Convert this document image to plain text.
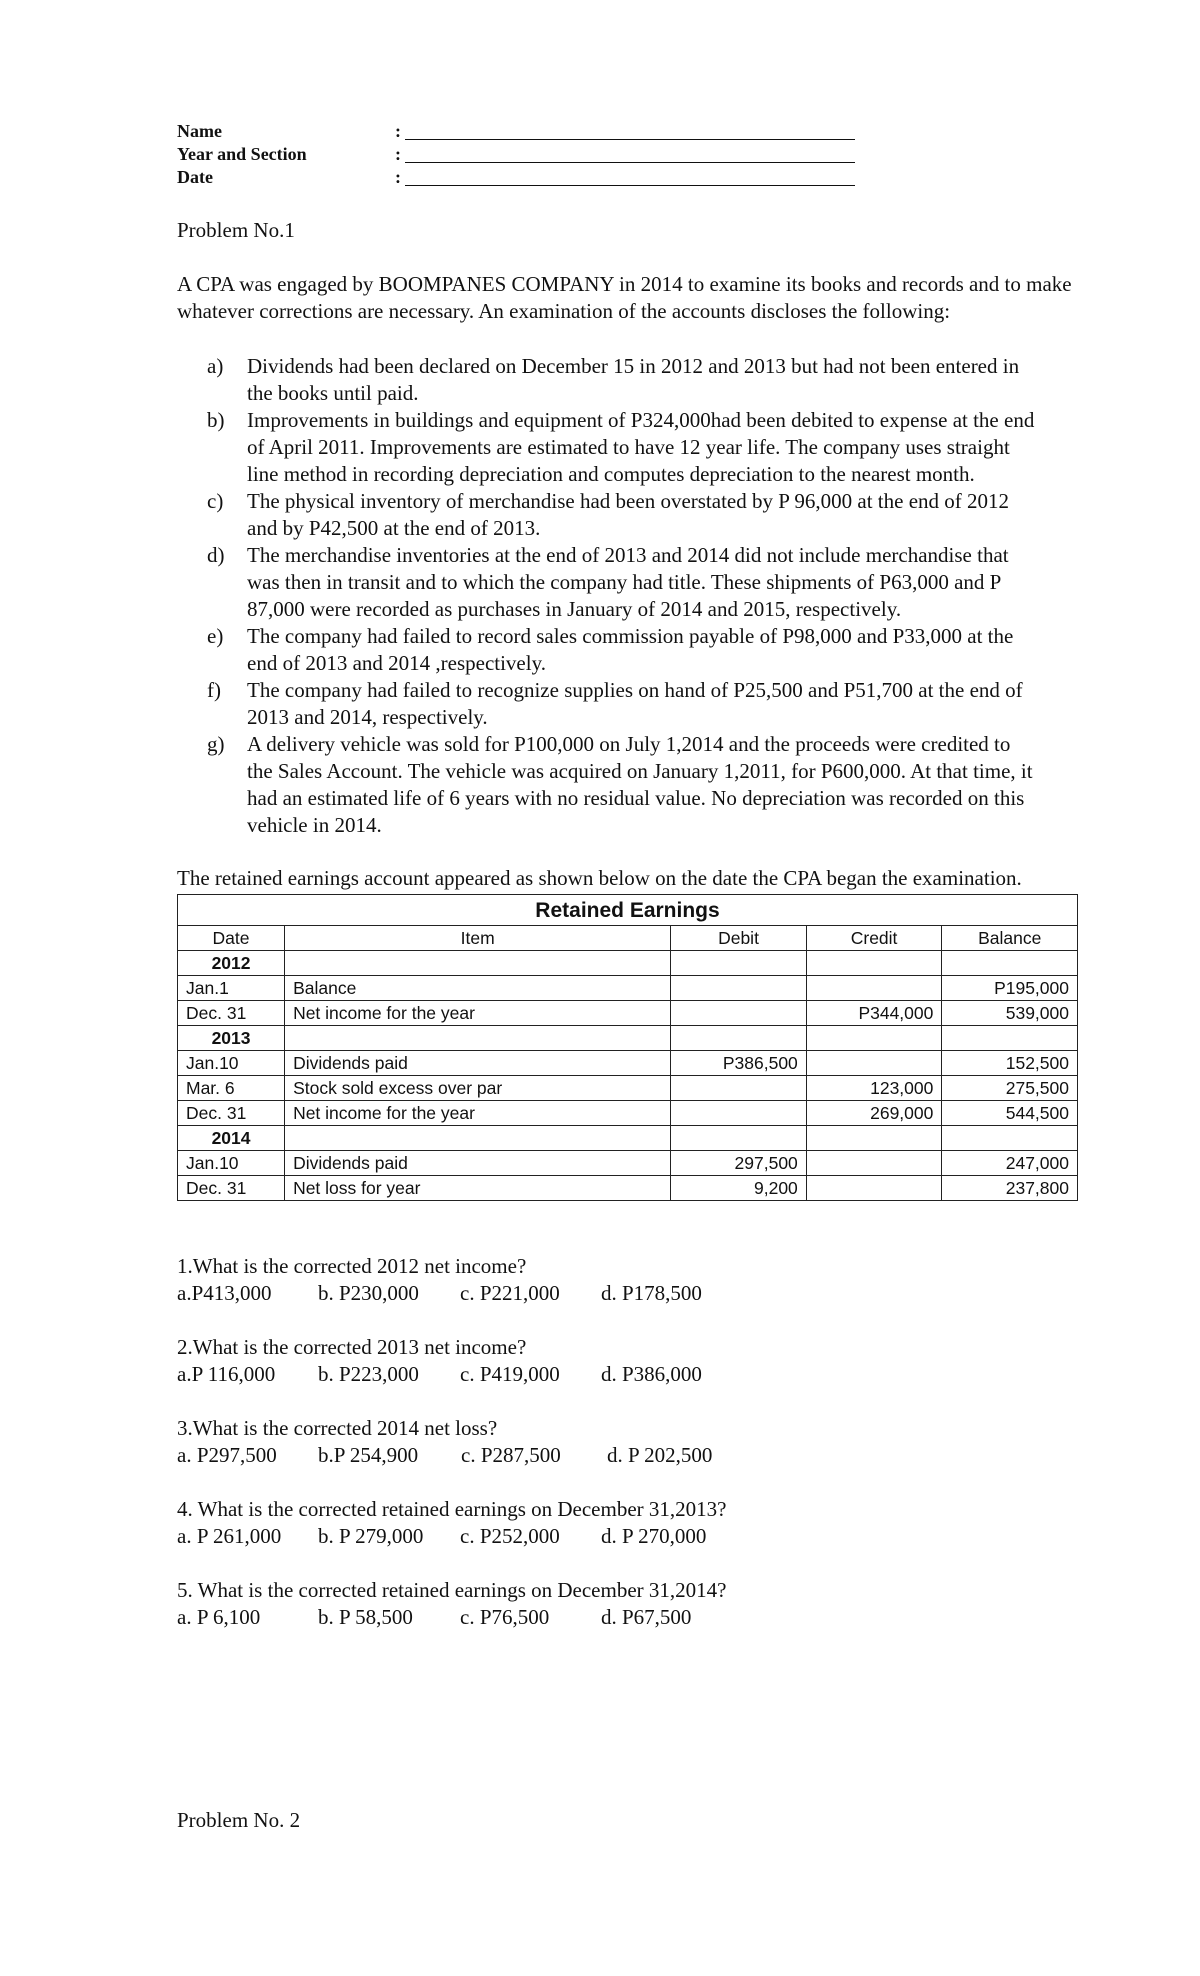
Name	:
Year and Section	:
Date	:

Problem No.1

A CPA was engaged by BOOMPANES COMPANY in 2014 to examine its books and records and to make whatever corrections are necessary. An examination of the accounts discloses the following:

a)	Dividends had been declared on December 15 in 2012 and 2013 but had not been entered in the books until paid.
b)	Improvements in buildings and equipment of P324,000had been debited to expense at the end of April 2011. Improvements are estimated to have 12 year life. The company uses straight line method in recording depreciation and computes depreciation to the nearest month.
c)	The physical inventory of merchandise had been overstated by P 96,000 at the end of 2012 and by P42,500 at the end of 2013.
d)	The merchandise inventories at the end of 2013 and 2014 did not include merchandise that was then in transit and to which the company had title. These shipments of P63,000 and P 87,000 were recorded as purchases in January of 2014 and 2015, respectively.
e)	The company had failed to record sales commission payable of P98,000 and P33,000 at the end of 2013 and 2014 ,respectively.
f)	The company had failed to recognize supplies on hand of P25,500 and P51,700 at the end of 2013 and 2014, respectively.
g)	A delivery vehicle was sold for P100,000 on July 1,2014 and the proceeds were credited to the Sales Account. The vehicle was acquired on January 1,2011, for P600,000. At that time, it had an estimated life of 6 years with no residual value. No depreciation was recorded on this vehicle in 2014.

The retained earnings account appeared as shown below on the date the CPA began the examination.

Retained Earnings				
Date	Item	Debit	Credit	Balance
2012				
Jan.1	Balance			P195,000
Dec. 31	Net income for the year		P344,000	539,000
2013				
Jan.10	Dividends paid	P386,500		152,500
Mar. 6	Stock sold excess over par		123,000	275,500
Dec. 31	Net income for the year		269,000	544,500
2014				
Jan.10	Dividends paid	297,500		247,000
Dec. 31	Net loss for year	9,200		237,800

1.What is the corrected 2012 net income?

a.P413,000	b. P230,000	c. P221,000	d. P178,500

2.What is the corrected 2013 net income?

a.P 116,000	b. P223,000	c. P419,000	d. P386,000

3.What is the corrected 2014 net loss?

a. P297,500	b.P 254,900	c. P287,500	d. P 202,500

4. What is the corrected retained earnings on December 31,2013?

a. P 261,000	b. P 279,000	c. P252,000	d. P 270,000

5. What is the corrected retained earnings on December 31,2014?

a. P 6,100	b. P 58,500	c. P76,500	d. P67,500
Problem No. 2
